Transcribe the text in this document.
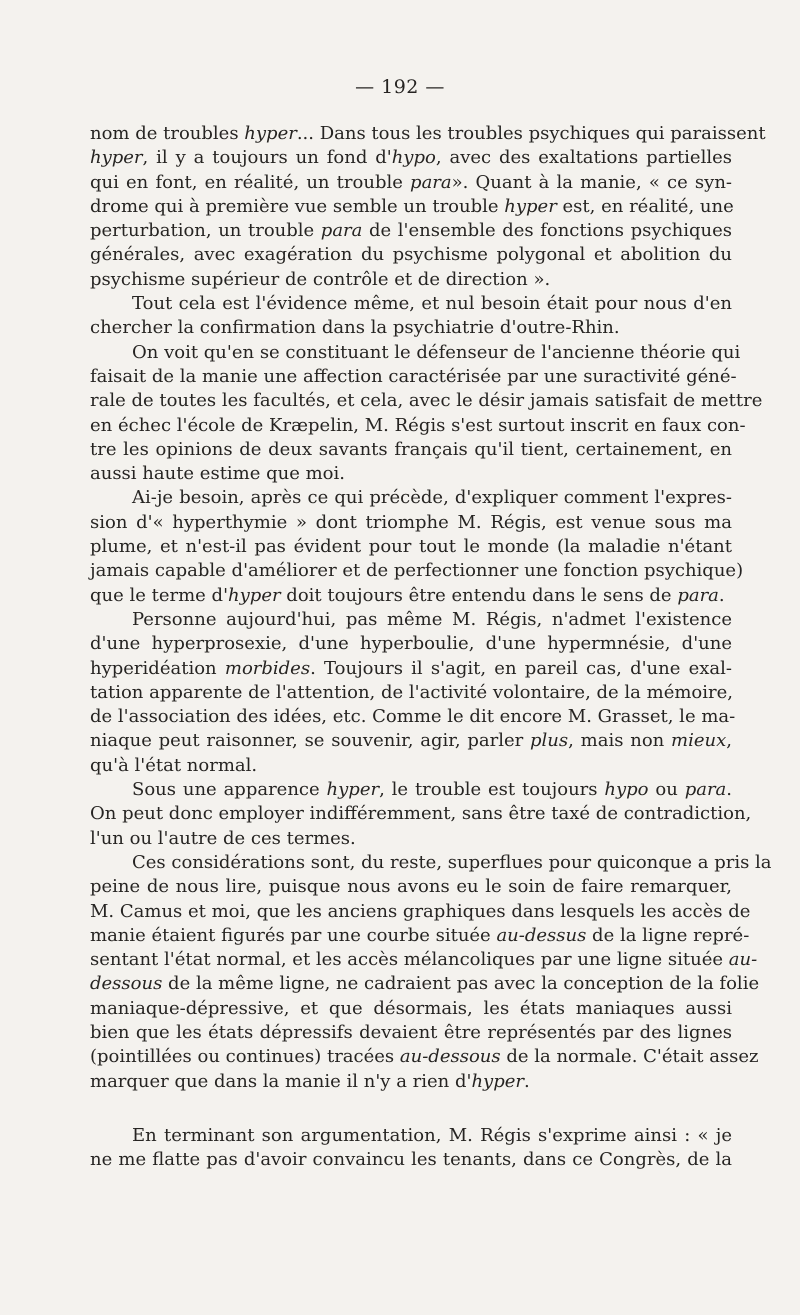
— 192 —
nom de troubles hyper... Dans tous les troubles psychiques qui paraissent
hyper, il y a toujours un fond d'hypo, avec des exaltations partielles
qui en font, en réalité, un trouble para». Quant à la manie, « ce syn-
drome qui à première vue semble un trouble hyper est, en réalité, une
perturbation, un trouble para de l'ensemble des fonctions psychiques
générales, avec exagération du psychisme polygonal et abolition du
psychisme supérieur de contrôle et de direction ».
Tout cela est l'évidence même, et nul besoin était pour nous d'en
chercher la confirmation dans la psychiatrie d'outre-Rhin.
On voit qu'en se constituant le défenseur de l'ancienne théorie qui
faisait de la manie une affection caractérisée par une suractivité géné-
rale de toutes les facultés, et cela, avec le désir jamais satisfait de mettre
en échec l'école de Kræpelin, M. Régis s'est surtout inscrit en faux con-
tre les opinions de deux savants français qu'il tient, certainement, en
aussi haute estime que moi.
Ai-je besoin, après ce qui précède, d'expliquer comment l'expres-
sion d'« hyperthymie » dont triomphe M. Régis, est venue sous ma
plume, et n'est-il pas évident pour tout le monde (la maladie n'étant
jamais capable d'améliorer et de perfectionner une fonction psychique)
que le terme d'hyper doit toujours être entendu dans le sens de para.
Personne aujourd'hui, pas même M. Régis, n'admet l'existence
d'une hyperprosexie, d'une hyperboulie, d'une hypermnésie, d'une
hyperidéation morbides. Toujours il s'agit, en pareil cas, d'une exal-
tation apparente de l'attention, de l'activité volontaire, de la mémoire,
de l'association des idées, etc. Comme le dit encore M. Grasset, le ma-
niaque peut raisonner, se souvenir, agir, parler plus, mais non mieux,
qu'à l'état normal.
Sous une apparence hyper, le trouble est toujours hypo ou para.
On peut donc employer indifféremment, sans être taxé de contradiction,
l'un ou l'autre de ces termes.
Ces considérations sont, du reste, superflues pour quiconque a pris la
peine de nous lire, puisque nous avons eu le soin de faire remarquer,
M. Camus et moi, que les anciens graphiques dans lesquels les accès de
manie étaient figurés par une courbe située au-dessus de la ligne repré-
sentant l'état normal, et les accès mélancoliques par une ligne située au-
dessous de la même ligne, ne cadraient pas avec la conception de la folie
maniaque-dépressive, et que désormais, les états maniaques aussi
bien que les états dépressifs devaient être représentés par des lignes
(pointillées ou continues) tracées au-dessous de la normale. C'était assez
marquer que dans la manie il n'y a rien d'hyper.
En terminant son argumentation, M. Régis s'exprime ainsi : « je
ne me flatte pas d'avoir convaincu les tenants, dans ce Congrès, de la
